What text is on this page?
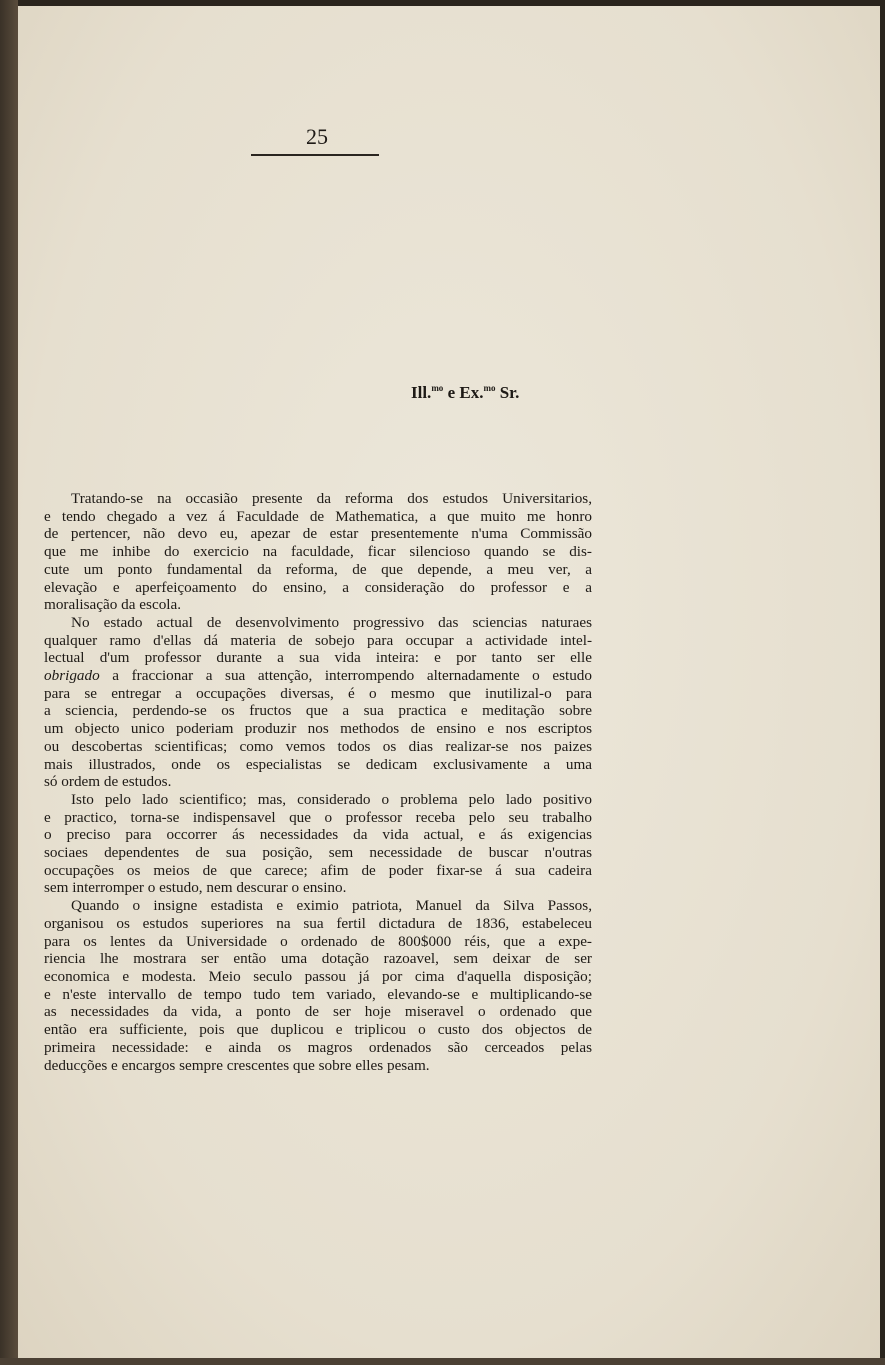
25
Ill.$^{mo}$ e Ex.$^{mo}$ Sr.
Tratando-se na occasião presente da reforma dos estudos Universitarios,
e tendo chegado a vez á Faculdade de Mathematica, a que muito me honro
de pertencer, não devo eu, apezar de estar presentemente n'uma Commissão
que me inhibe do exercicio na faculdade, ficar silencioso quando se dis-
cute um ponto fundamental da reforma, de que depende, a meu ver, a
elevação e aperfeiçoamento do ensino, a consideração do professor e a
moralisação da escola.
No estado actual de desenvolvimento progressivo das sciencias naturaes
qualquer ramo d'ellas dá materia de sobejo para occupar a actividade intel-
lectual d'um professor durante a sua vida inteira: e por tanto ser elle
obrigado a fraccionar a sua attenção, interrompendo alternadamente o estudo
para se entregar a occupações diversas, é o mesmo que inutilizal-o para
a sciencia, perdendo-se os fructos que a sua practica e meditação sobre
um objecto unico poderiam produzir nos methodos de ensino e nos escriptos
ou descobertas scientificas; como vemos todos os dias realizar-se nos paizes
mais illustrados, onde os especialistas se dedicam exclusivamente a uma
só ordem de estudos.
Isto pelo lado scientifico; mas, considerado o problema pelo lado positivo
e practico, torna-se indispensavel que o professor receba pelo seu trabalho
o preciso para occorrer ás necessidades da vida actual, e ás exigencias
sociaes dependentes de sua posição, sem necessidade de buscar n'outras
occupações os meios de que carece; afim de poder fixar-se á sua cadeira
sem interromper o estudo, nem descurar o ensino.
Quando o insigne estadista e eximio patriota, Manuel da Silva Passos,
organisou os estudos superiores na sua fertil dictadura de 1836, estabeleceu
para os lentes da Universidade o ordenado de 800$000 réis, que a expe-
riencia lhe mostrara ser então uma dotação razoavel, sem deixar de ser
economica e modesta. Meio seculo passou já por cima d'aquella disposição;
e n'este intervallo de tempo tudo tem variado, elevando-se e multiplicando-se
as necessidades da vida, a ponto de ser hoje miseravel o ordenado que
então era sufficiente, pois que duplicou e triplicou o custo dos objectos de
primeira necessidade: e ainda os magros ordenados são cerceados pelas
deducções e encargos sempre crescentes que sobre elles pesam.
